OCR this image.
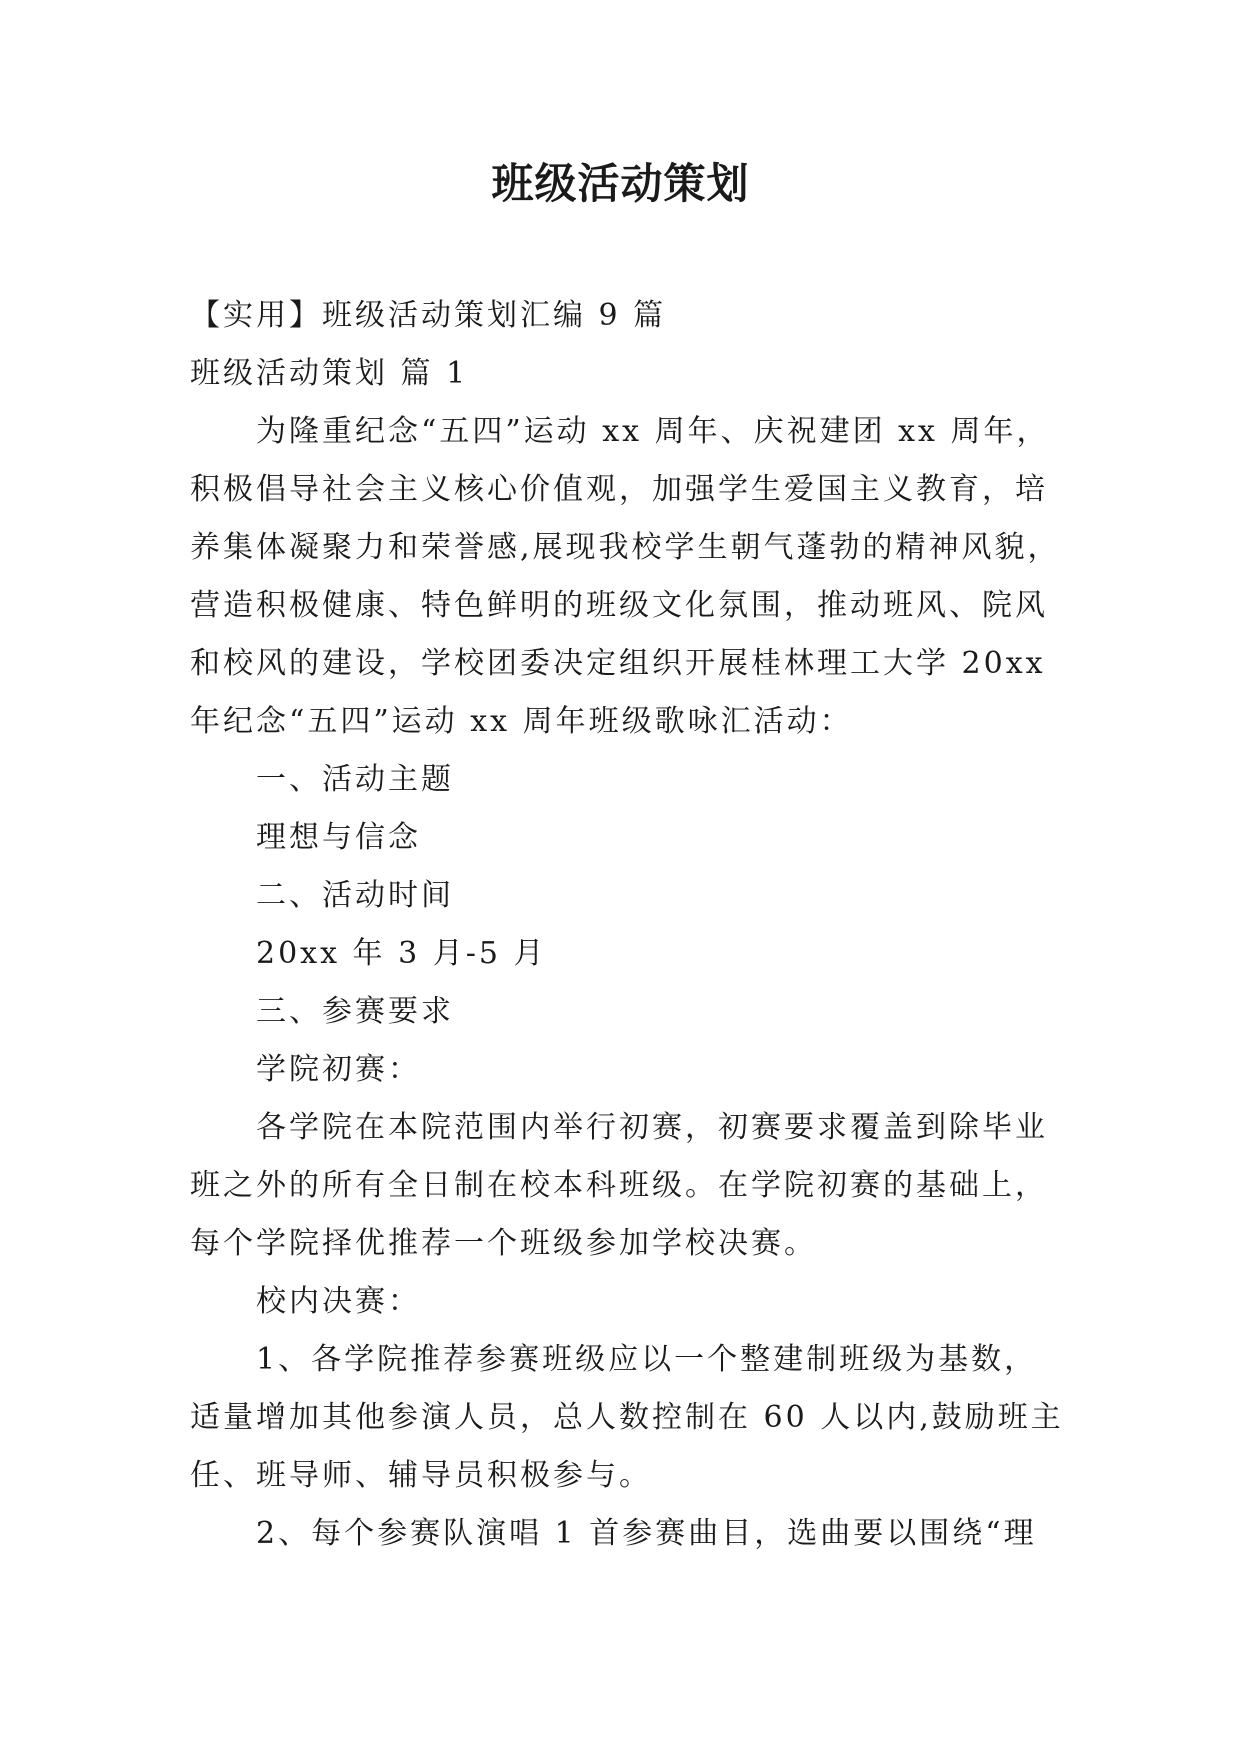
班级活动策划

【实用】班级活动策划汇编 9 篇

班级活动策划 篇 1

为隆重纪念“五四”运动 xx 周年、庆祝建团 xx 周年，

积极倡导社会主义核心价值观，加强学生爱国主义教育，培

养集体凝聚力和荣誉感,展现我校学生朝气蓬勃的精神风貌，

营造积极健康、特色鲜明的班级文化氛围，推动班风、院风

和校风的建设，学校团委决定组织开展桂林理工大学 20xx

年纪念“五四”运动 xx 周年班级歌咏汇活动：

一、活动主题

理想与信念

二、活动时间

20xx 年 3 月-5 月

三、参赛要求

学院初赛：

各学院在本院范围内举行初赛，初赛要求覆盖到除毕业

班之外的所有全日制在校本科班级。在学院初赛的基础上，

每个学院择优推荐一个班级参加学校决赛。

校内决赛：

1、各学院推荐参赛班级应以一个整建制班级为基数，

适量增加其他参演人员，总人数控制在 60 人以内,鼓励班主

任、班导师、辅导员积极参与。

2、每个参赛队演唱 1 首参赛曲目，选曲要以围绕“理
